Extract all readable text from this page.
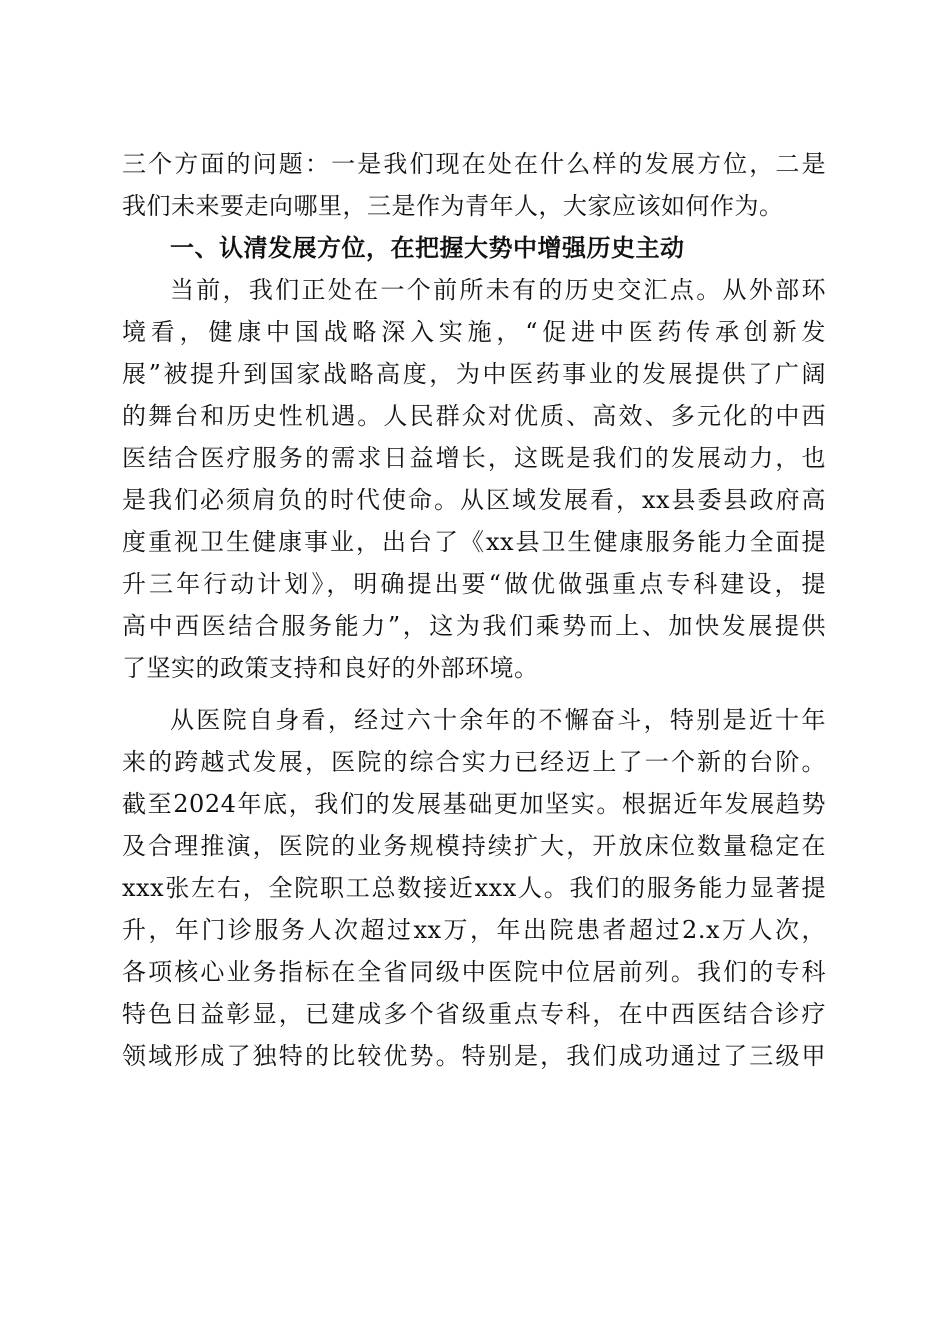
三个方面的问题：一是我们现在处在什么样的发展方位，二是
我们未来要走向哪里，三是作为青年人，大家应该如何作为。
一、认清发展方位，在把握大势中增强历史主动
当前，我们正处在一个前所未有的历史交汇点。从外部环
境看，健康中国战略深入实施，“促进中医药传承创新发
展”被提升到国家战略高度，为中医药事业的发展提供了广阔
的舞台和历史性机遇。人民群众对优质、高效、多元化的中西
医结合医疗服务的需求日益增长，这既是我们的发展动力，也
是我们必须肩负的时代使命。从区域发展看，xx县委县政府高
度重视卫生健康事业，出台了《xx县卫生健康服务能力全面提
升三年行动计划》，明确提出要“做优做强重点专科建设，提
高中西医结合服务能力”，这为我们乘势而上、加快发展提供
了坚实的政策支持和良好的外部环境。
从医院自身看，经过六十余年的不懈奋斗，特别是近十年
来的跨越式发展，医院的综合实力已经迈上了一个新的台阶。
截至2024年底，我们的发展基础更加坚实。根据近年发展趋势
及合理推演，医院的业务规模持续扩大，开放床位数量稳定在
xxx张左右，全院职工总数接近xxx人。我们的服务能力显著提
升，年门诊服务人次超过xx万，年出院患者超过2.x万人次，
各项核心业务指标在全省同级中医院中位居前列。我们的专科
特色日益彰显，已建成多个省级重点专科，在中西医结合诊疗
领域形成了独特的比较优势。特别是，我们成功通过了三级甲
